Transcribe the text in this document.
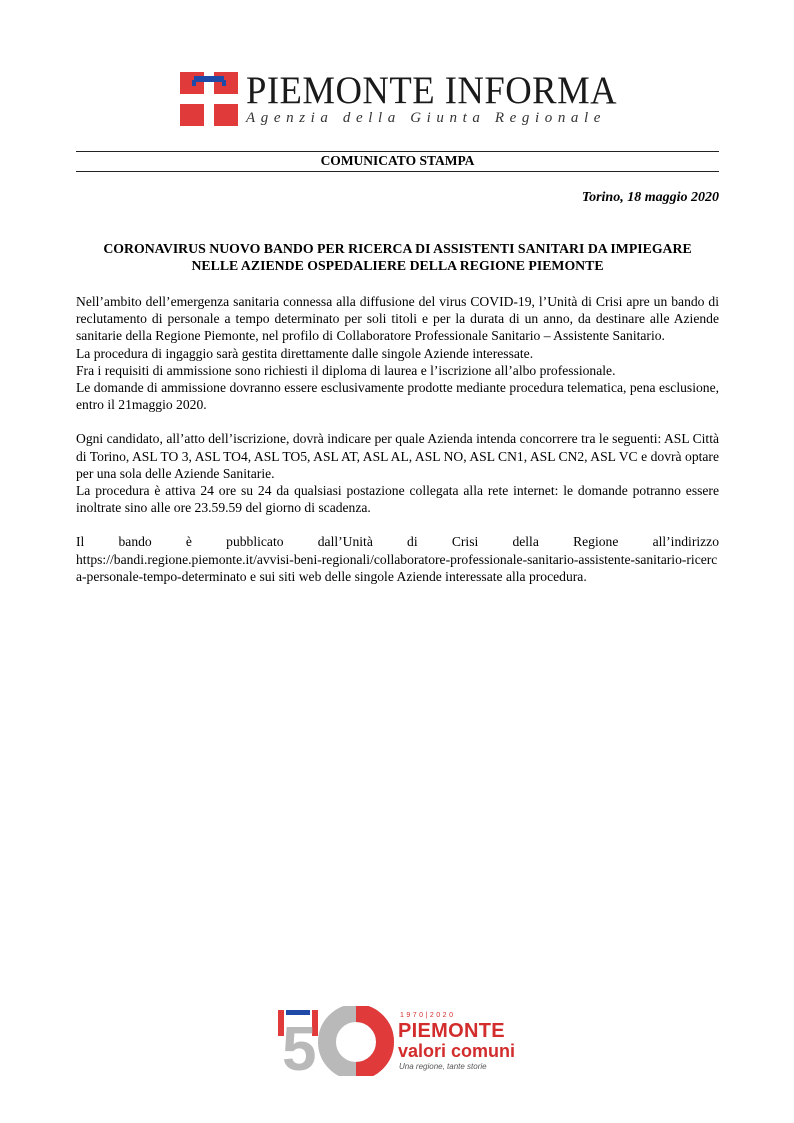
PIEMONTE INFORMA
Agenzia della Giunta Regionale
COMUNICATO STAMPA
Torino, 18 maggio 2020
CORONAVIRUS NUOVO BANDO PER RICERCA DI ASSISTENTI SANITARI DA IMPIEGARE
NELLE AZIENDE OSPEDALIERE DELLA REGIONE PIEMONTE

Nell’ambito dell’emergenza sanitaria connessa alla diffusione del virus COVID-19, l’Unità di Crisi apre un bando di reclutamento di personale a tempo determinato per soli titoli e per la durata di un anno, da destinare alle Aziende sanitarie della Regione Piemonte, nel profilo di Collaboratore Professionale Sanitario – Assistente Sanitario.

La procedura di ingaggio sarà gestita direttamente dalle singole Aziende interessate.

Fra i requisiti di ammissione sono richiesti il diploma di laurea e l’iscrizione all’albo professionale.

Le domande di ammissione dovranno essere esclusivamente prodotte mediante procedura telematica, pena esclusione, entro il 21maggio 2020.

Ogni candidato, all’atto dell’iscrizione, dovrà indicare per quale Azienda intenda concorrere tra le seguenti: ASL Città di Torino, ASL TO 3, ASL TO4, ASL TO5, ASL AT, ASL AL, ASL NO, ASL CN1, ASL CN2, ASL VC e dovrà optare per una sola delle Aziende Sanitarie.

La procedura è attiva 24 ore su 24 da qualsiasi postazione collegata alla rete internet: le domande potranno essere inoltrate sino alle ore 23.59.59 del giorno di scadenza.

Il bando è pubblicato dall’Unità di Crisi della Regione all’indirizzo

https://bandi.regione.piemonte.it/avvisi-beni-regionali/collaboratore-professionale-sanitario-assistente-sanitario-ricerca-personale-tempo-determinato e sui siti web delle singole Aziende interessate alla procedura.

5	1970|2020
PIEMONTE
valori comuni
Una regione, tante storie
